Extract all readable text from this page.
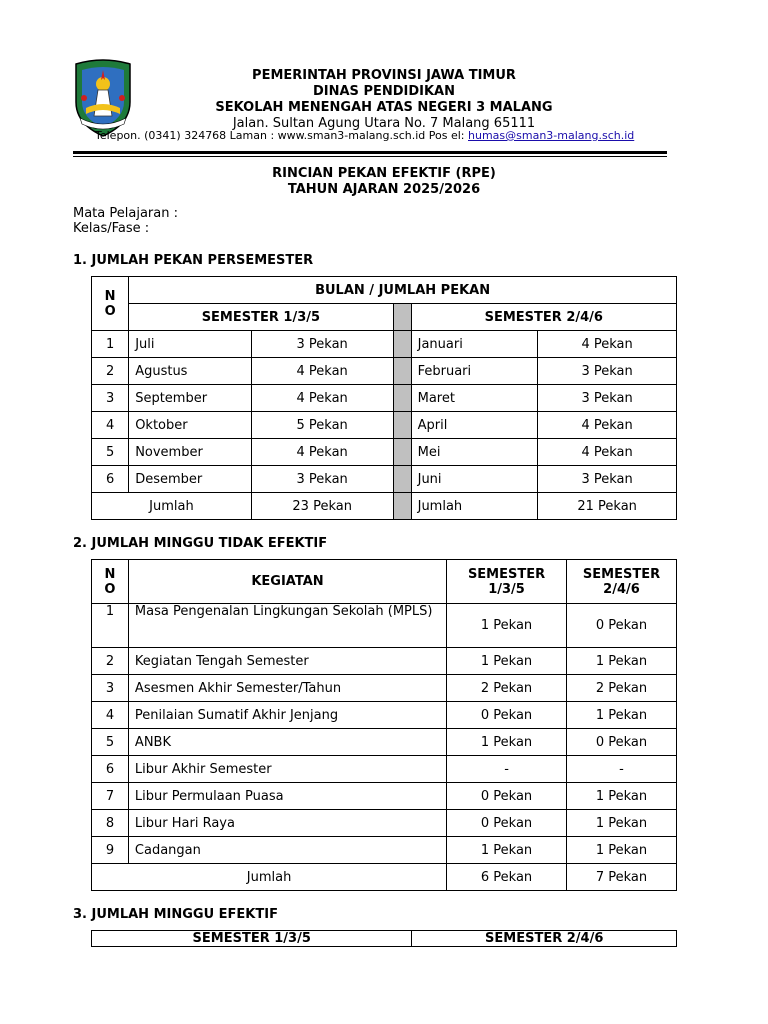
PEMERINTAH PROVINSI JAWA TIMUR
DINAS PENDIDIKAN
SEKOLAH MENENGAH ATAS NEGERI 3 MALANG
Jalan. Sultan Agung Utara No. 7 Malang 65111
Telepon. (0341) 324768 Laman : www.sman3-malang.sch.id Pos el: humas@sman3-malang.sch.id
RINCIAN PEKAN EFEKTIF (RPE)
TAHUN AJARAN 2025/2026
Mata Pelajaran :
Kelas/Fase :
1. JUMLAH PEKAN PERSEMESTER
NO	BULAN / JUMLAH PEKAN				
	SEMESTER 1/3/5			SEMESTER 2/4/6	
1	Juli	3 Pekan		Januari	4 Pekan
2	Agustus	4 Pekan		Februari	3 Pekan
3	September	4 Pekan		Maret	3 Pekan
4	Oktober	5 Pekan		April	4 Pekan
5	November	4 Pekan		Mei	4 Pekan
6	Desember	3 Pekan		Juni	3 Pekan
Jumlah		23 Pekan		Jumlah	21 Pekan
2. JUMLAH MINGGU TIDAK EFEKTIF
NO	KEGIATAN	SEMESTER 1/3/5	SEMESTER 2/4/6

1	Masa Pengenalan Lingkungan Sekolah (MPLS)	1 Pekan	0 Pekan
2	Kegiatan Tengah Semester	1 Pekan	1 Pekan
3	Asesmen Akhir Semester/Tahun	2 Pekan	2 Pekan
4	Penilaian Sumatif Akhir Jenjang	0 Pekan	1 Pekan
5	ANBK	1 Pekan	0 Pekan
6	Libur Akhir Semester	-	-
7	Libur Permulaan Puasa	0 Pekan	1 Pekan
8	Libur Hari Raya	0 Pekan	1 Pekan
9	Cadangan	1 Pekan	1 Pekan
Jumlah		6 Pekan	7 Pekan
3. JUMLAH MINGGU EFEKTIF
SEMESTER 1/3/5	SEMESTER 2/4/6
